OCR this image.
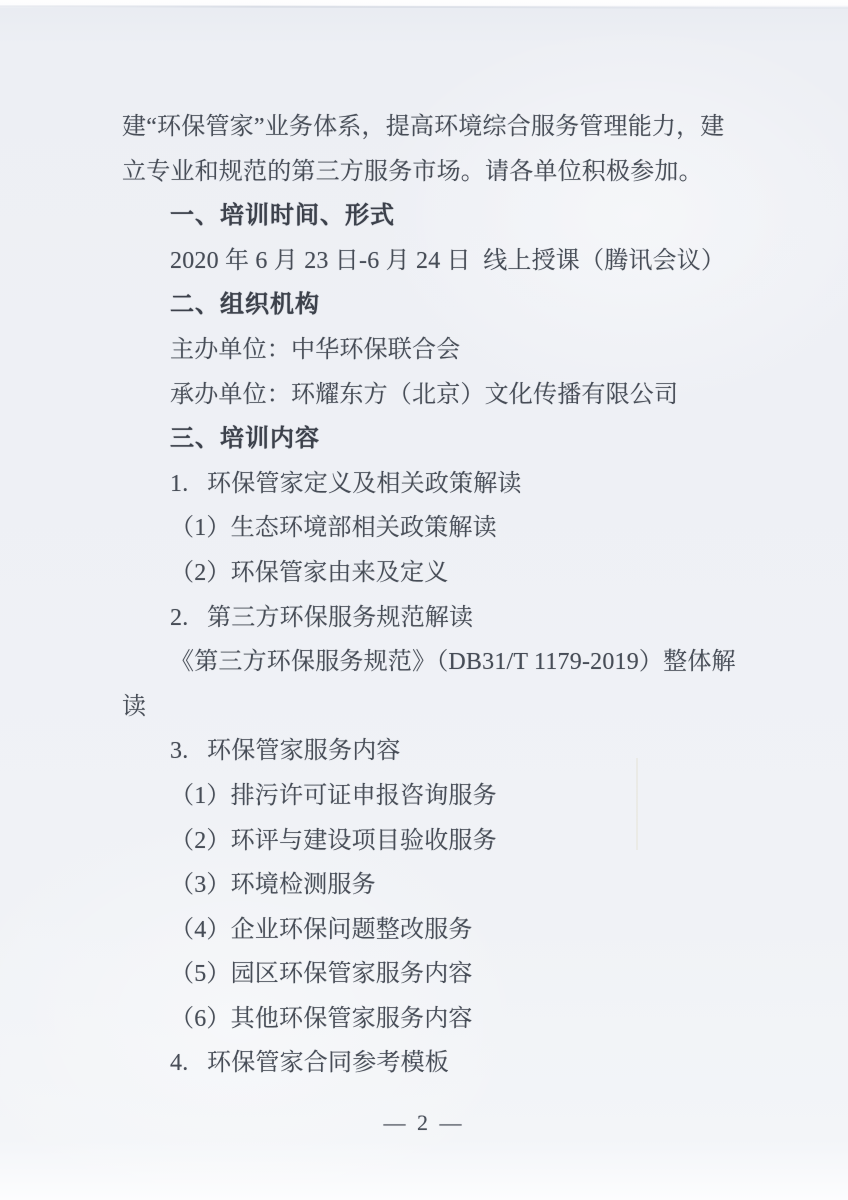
建“环保管家”业务体系，提高环境综合服务管理能力，建

立专业和规范的第三方服务市场。请各单位积极参加。

一、培训时间、形式

2020 年 6 月 23 日-6 月 24 日  线上授课（腾讯会议）

二、组织机构

主办单位：中华环保联合会

承办单位：环耀东方（北京）文化传播有限公司

三、培训内容

1.   环保管家定义及相关政策解读

（1）生态环境部相关政策解读

（2）环保管家由来及定义

2.   第三方环保服务规范解读

《第三方环保服务规范》（DB31/T 1179-2019）整体解

读

3.   环保管家服务内容

（1）排污许可证申报咨询服务

（2）环评与建设项目验收服务

（3）环境检测服务

（4）企业环保问题整改服务

（5）园区环保管家服务内容

（6）其他环保管家服务内容

4.   环保管家合同参考模板

— 2 —
